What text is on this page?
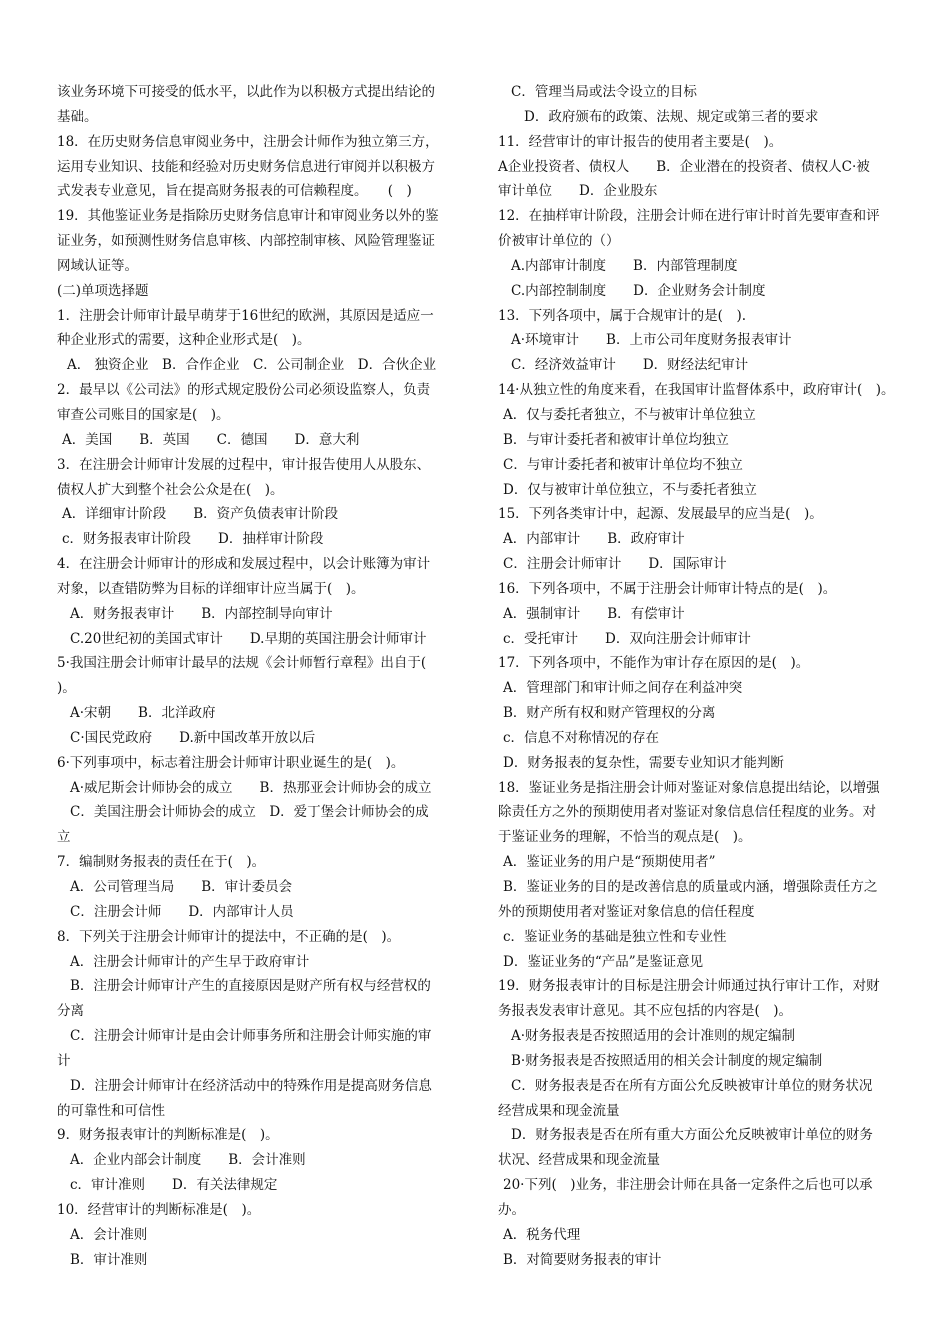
该业务环境下可接受的低水平，以此作为以积极方式提出结论的
基础。
18．在历史财务信息审阅业务中，注册会计师作为独立第三方，
运用专业知识、技能和经验对历史财务信息进行审阅并以积极方
式发表专业意见，旨在提高财务报表的可信赖程度。　　(　)
19．其他鉴证业务是指除历史财务信息审计和审阅业务以外的鉴
证业务，如预测性财务信息审核、内部控制审核、风险管理鉴证
网域认证等。
(二)单项选择题
1．注册会计师审计最早萌芽于16世纪的欧洲，其原因是适应一
种企业形式的需要，这种企业形式是(　)。
A． 独资企业　B．合作企业　C．公司制企业　D．合伙企业
2．最早以《公司法》的形式规定股份公司必须设监察人，负责
审查公司账目的国家是(　)。
A．美国　　B．英国　　C．德国　　D．意大利
3．在注册会计师审计发展的过程中，审计报告使用人从股东、
债权人扩大到整个社会公众是在(　)。
A．详细审计阶段　　B．资产负债表审计阶段
c．财务报表审计阶段　　D．抽样审计阶段
4．在注册会计师审计的形成和发展过程中，以会计账簿为审计
对象，以查错防弊为目标的详细审计应当属于(　)。
A．财务报表审计　　B．内部控制导向审计
C.20世纪初的美国式审计　　D.早期的英国注册会计师审计
5·我国注册会计师审计最早的法规《会计师暂行章程》出自于(
)。
A·宋朝　　B．北洋政府
C·国民党政府　　D.新中国改革开放以后
6·下列事项中，标志着注册会计师审计职业诞生的是(　)。
A·威尼斯会计师协会的成立　　B．热那亚会计师协会的成立
C．美国注册会计师协会的成立　D．爱丁堡会计师协会的成
立
7．编制财务报表的责任在于(　)。
A．公司管理当局　　B．审计委员会
C．注册会计师　　D．内部审计人员
8．下列关于注册会计师审计的提法中，不正确的是(　)。
A．注册会计师审计的产生早于政府审计
B．注册会计师审计产生的直接原因是财产所有权与经营权的
分离
C．注册会计师审计是由会计师事务所和注册会计师实施的审
计
D．注册会计师审计在经济活动中的特殊作用是提高财务信息
的可靠性和可信性
9．财务报表审计的判断标准是(　)。
A．企业内部会计制度　　B．会计准则
c．审计准则　　D．有关法律规定
10．经营审计的判断标准是(　)。
A．会计准则
B．审计准则
C．管理当局或法令设立的目标
D．政府颁布的政策、法规、规定或第三者的要求
11．经营审计的审计报告的使用者主要是(　)。
A企业投资者、债权人　　B．企业潜在的投资者、债权人C·被
审计单位　　D．企业股东
12．在抽样审计阶段，注册会计师在进行审计时首先要审查和评
价被审计单位的（）
A.内部审计制度　　B．内部管理制度
C.内部控制制度　　D．企业财务会计制度
13．下列各项中，属于合规审计的是(　).
A·环境审计　　B．上市公司年度财务报表审计
C．经济效益审计　　D．财经法纪审计
14·从独立性的角度来看，在我国审计监督体系中，政府审计(　)。
A．仅与委托者独立，不与被审计单位独立
B．与审计委托者和被审计单位均独立
C．与审计委托者和被审计单位均不独立
D．仅与被审计单位独立，不与委托者独立
15．下列各类审计中，起源、发展最早的应当是(　)。
A．内部审计　　B．政府审计
C．注册会计师审计　　D．国际审计
16．下列各项中，不属于注册会计师审计特点的是(　)。
A．强制审计　　B．有偿审计
c．受托审计　　D．双向注册会计师审计
17．下列各项中，不能作为审计存在原因的是(　)。
A．管理部门和审计师之间存在利益冲突
B．财产所有权和财产管理权的分离
c．信息不对称情况的存在
D．财务报表的复杂性，需要专业知识才能判断
18．鉴证业务是指注册会计师对鉴证对象信息提出结论，以增强
除责任方之外的预期使用者对鉴证对象信息信任程度的业务。对
于鉴证业务的理解，不恰当的观点是(　)。
A．鉴证业务的用户是“预期使用者”
B．鉴证业务的目的是改善信息的质量或内涵，增强除责任方之
外的预期使用者对鉴证对象信息的信任程度
c．鉴证业务的基础是独立性和专业性
D．鉴证业务的“产品”是鉴证意见
19．财务报表审计的目标是注册会计师通过执行审计工作，对财
务报表发表审计意见。其不应包括的内容是(　)。
A·财务报表是否按照适用的会计准则的规定编制
B·财务报表是否按照适用的相关会计制度的规定编制
C．财务报表是否在所有方面公允反映被审计单位的财务状况
经营成果和现金流量
D．财务报表是否在所有重大方面公允反映被审计单位的财务
状况、经营成果和现金流量
20·下列(　)业务，非注册会计师在具备一定条件之后也可以承
办。
A．税务代理
B．对简要财务报表的审计
